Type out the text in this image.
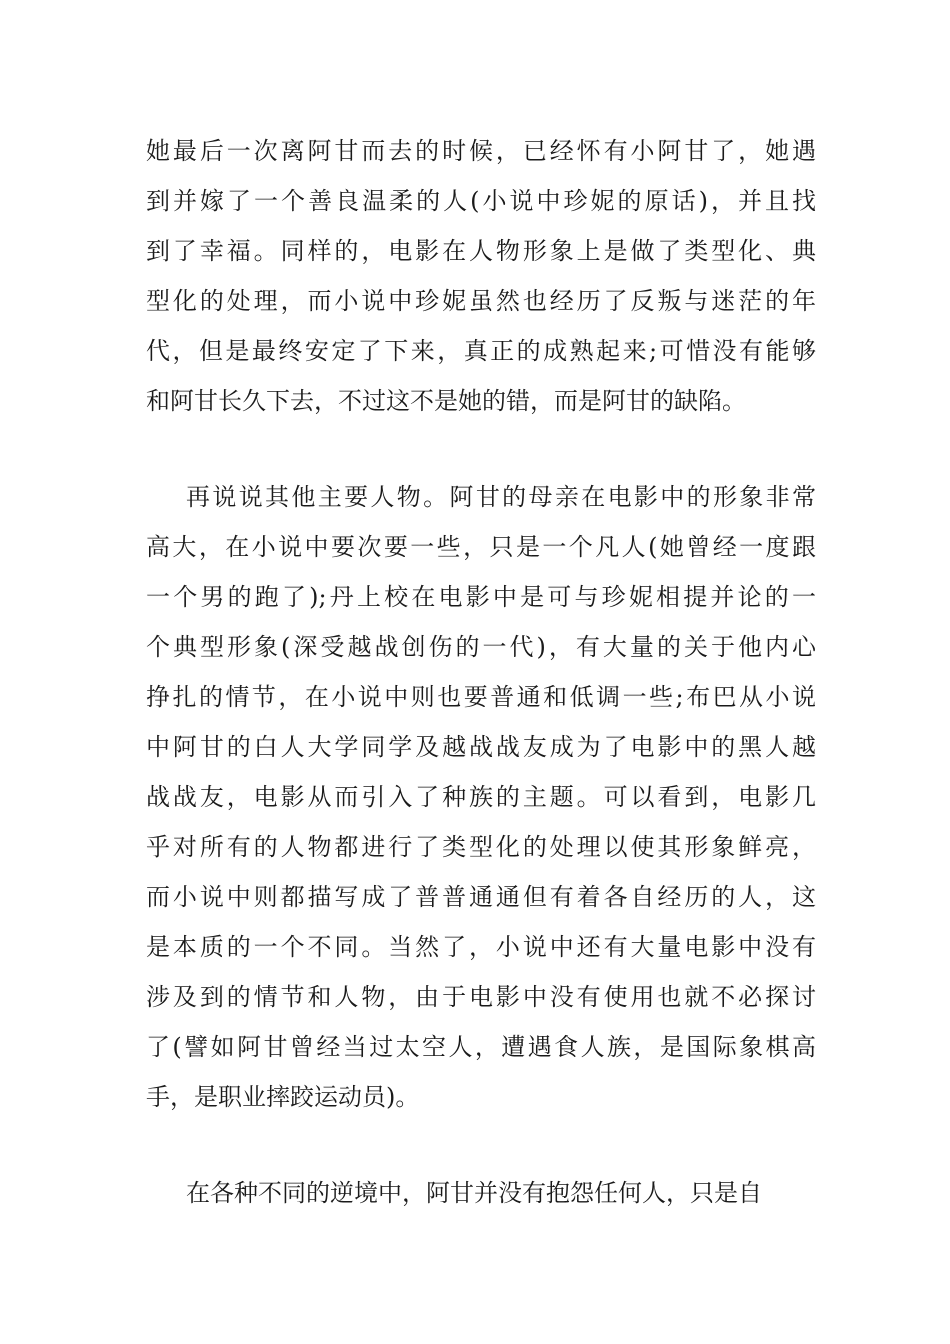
她最后一次离阿甘而去的时候，已经怀有小阿甘了，她遇
到并嫁了一个善良温柔的人(小说中珍妮的原话)，并且找
到了幸福。同样的，电影在人物形象上是做了类型化、典
型化的处理，而小说中珍妮虽然也经历了反叛与迷茫的年
代，但是最终安定了下来，真正的成熟起来;可惜没有能够
和阿甘长久下去，不过这不是她的错，而是阿甘的缺陷。
再说说其他主要人物。阿甘的母亲在电影中的形象非常
高大，在小说中要次要一些，只是一个凡人(她曾经一度跟
一个男的跑了);丹上校在电影中是可与珍妮相提并论的一
个典型形象(深受越战创伤的一代)，有大量的关于他内心
挣扎的情节，在小说中则也要普通和低调一些;布巴从小说
中阿甘的白人大学同学及越战战友成为了电影中的黑人越
战战友，电影从而引入了种族的主题。可以看到，电影几
乎对所有的人物都进行了类型化的处理以使其形象鲜亮，
而小说中则都描写成了普普通通但有着各自经历的人，这
是本质的一个不同。当然了，小说中还有大量电影中没有
涉及到的情节和人物，由于电影中没有使用也就不必探讨
了(譬如阿甘曾经当过太空人，遭遇食人族，是国际象棋高
手，是职业摔跤运动员)。
在各种不同的逆境中，阿甘并没有抱怨任何人，只是自
